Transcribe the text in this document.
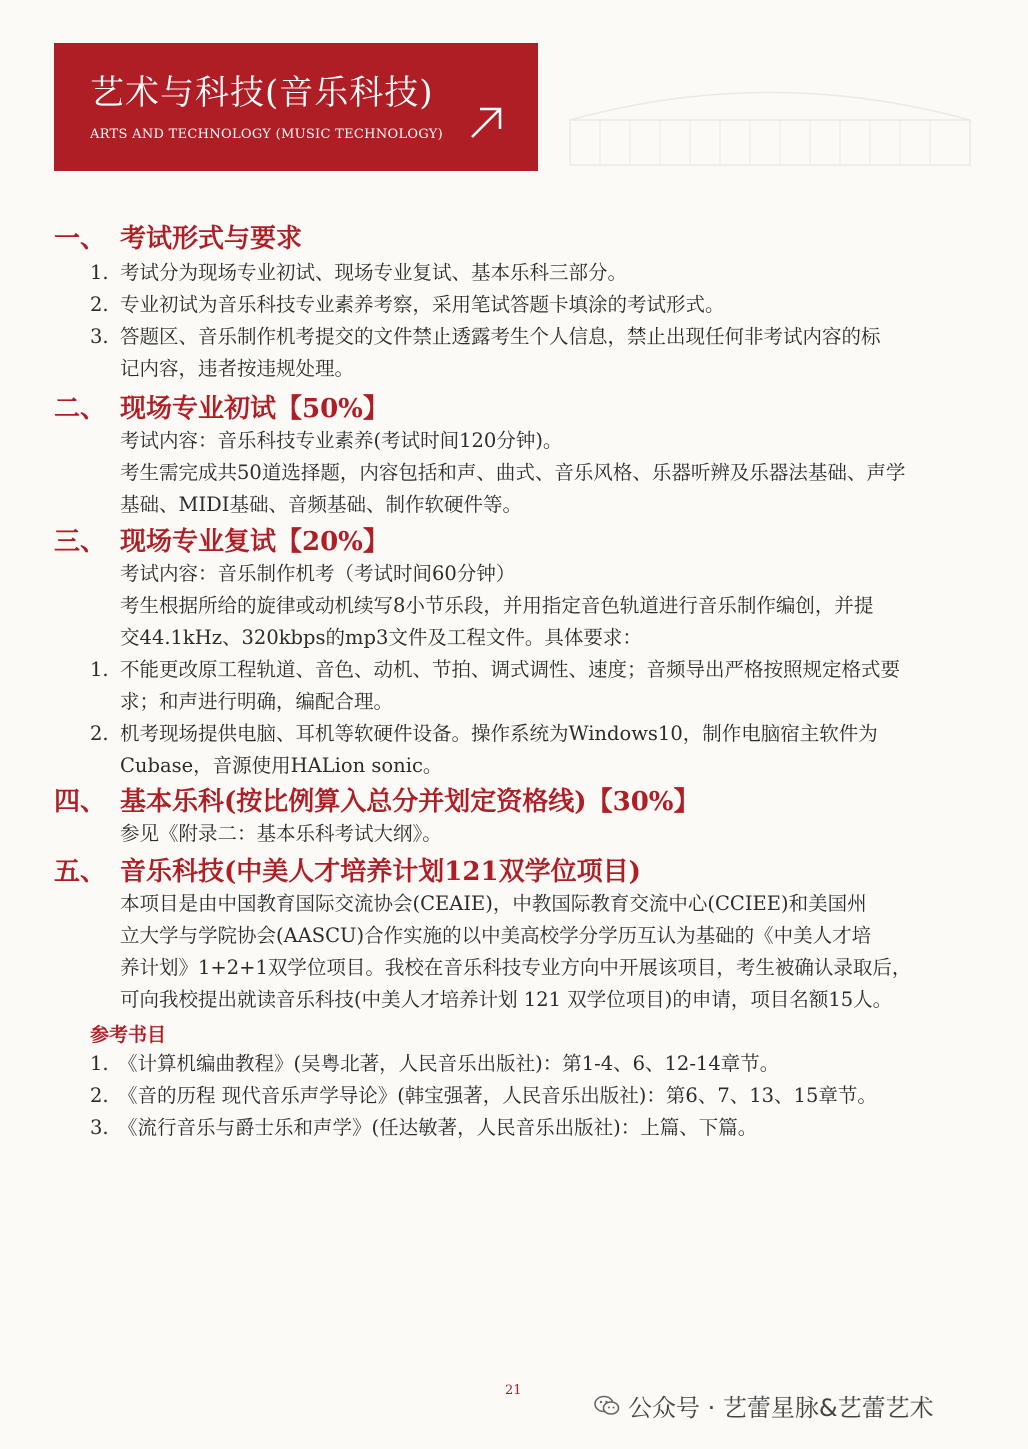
艺术与科技(音乐科技)
ARTS AND TECHNOLOGY (MUSIC TECHNOLOGY)
一、 考试形式与要求
1. 考试分为现场专业初试、现场专业复试、基本乐科三部分。
2. 专业初试为音乐科技专业素养考察，采用笔试答题卡填涂的考试形式。
3. 答题区、音乐制作机考提交的文件禁止透露考生个人信息，禁止出现任何非考试内容的标
记内容，违者按违规处理。
二、 现场专业初试【50%】
考试内容：音乐科技专业素养(考试时间120分钟)。
考生需完成共50道选择题，内容包括和声、曲式、音乐风格、乐器听辨及乐器法基础、声学
基础、MIDI基础、音频基础、制作软硬件等。
三、 现场专业复试【20%】
考试内容：音乐制作机考（考试时间60分钟）
考生根据所给的旋律或动机续写8小节乐段，并用指定音色轨道进行音乐制作编创，并提
交44.1kHz、320kbps的mp3文件及工程文件。具体要求：
1. 不能更改原工程轨道、音色、动机、节拍、调式调性、速度；音频导出严格按照规定格式要
求；和声进行明确，编配合理。
2. 机考现场提供电脑、耳机等软硬件设备。操作系统为Windows10，制作电脑宿主软件为
Cubase，音源使用HALion sonic。
四、 基本乐科(按比例算入总分并划定资格线)【30%】
参见《附录二：基本乐科考试大纲》。
五、 音乐科技(中美人才培养计划121双学位项目)
本项目是由中国教育国际交流协会(CEAIE)，中教国际教育交流中心(CCIEE)和美国州
立大学与学院协会(AASCU)合作实施的以中美高校学分学历互认为基础的《中美人才培
养计划》1+2+1双学位项目。我校在音乐科技专业方向中开展该项目，考生被确认录取后，
可向我校提出就读音乐科技(中美人才培养计划 121 双学位项目)的申请，项目名额15人。
参考书目
1. 《计算机编曲教程》(吴粤北著，人民音乐出版社)：第1-4、6、12-14章节。
2. 《音的历程 现代音乐声学导论》(韩宝强著，人民音乐出版社)：第6、7、13、15章节。
3. 《流行音乐与爵士乐和声学》(任达敏著，人民音乐出版社)：上篇、下篇。
21
公众号 · 艺蕾星脉&艺蕾艺术
